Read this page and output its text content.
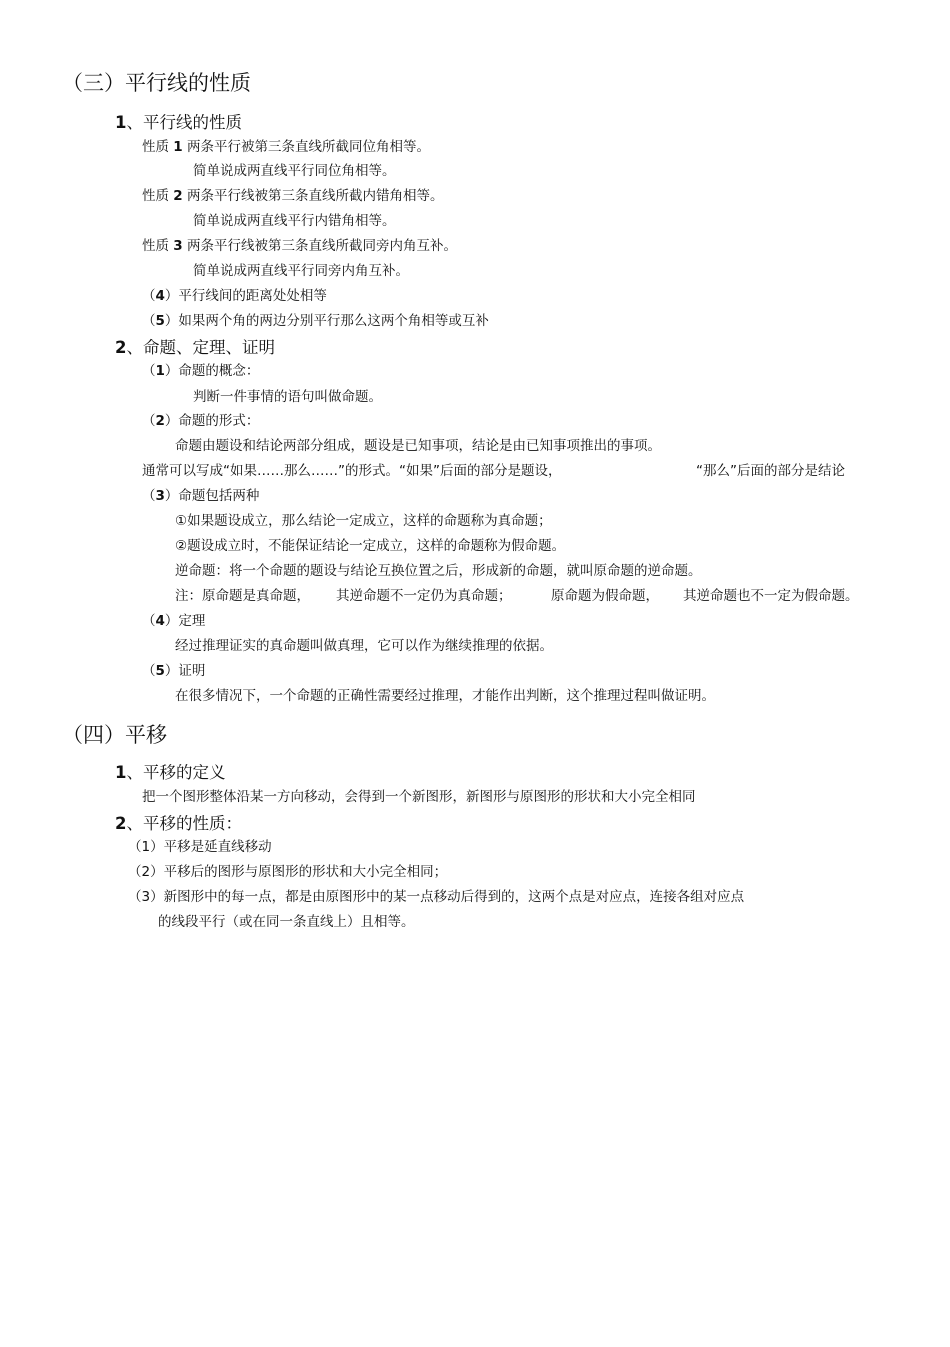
（三）平行线的性质
1、平行线的性质
性质 1 两条平行被第三条直线所截同位角相等。
简单说成两直线平行同位角相等。
性质 2 两条平行线被第三条直线所截内错角相等。
简单说成两直线平行内错角相等。
性质 3 两条平行线被第三条直线所截同旁内角互补。
简单说成两直线平行同旁内角互补。
（4）平行线间的距离处处相等
（5）如果两个角的两边分别平行那么这两个角相等或互补
2、命题、定理、证明
（1）命题的概念：
判断一件事情的语句叫做命题。
（2）命题的形式：
命题由题设和结论两部分组成，题设是已知事项，结论是由已知事项推出的事项。
通常可以写成“如果……那么……”的形式。“如果”后面的部分是题设，	“那么”后面的部分是结论
（3）命题包括两种
①如果题设成立，那么结论一定成立，这样的命题称为真命题；
②题设成立时，不能保证结论一定成立，这样的命题称为假命题。
逆命题：将一个命题的题设与结论互换位置之后，形成新的命题，就叫原命题的逆命题。
注：原命题是真命题， 其逆命题不一定仍为真命题；	原命题为假命题， 其逆命题也不一定为假命题。
（4）定理
经过推理证实的真命题叫做真理，它可以作为继续推理的依据。
（5）证明
在很多情况下，一个命题的正确性需要经过推理，才能作出判断，这个推理过程叫做证明。
（四）平移
1、平移的定义
把一个图形整体沿某一方向移动，会得到一个新图形，新图形与原图形的形状和大小完全相同
2、平移的性质：
（1）平移是延直线移动
（2）平移后的图形与原图形的形状和大小完全相同；
（3）新图形中的每一点，都是由原图形中的某一点移动后得到的，这两个点是对应点，连接各组对应点
的线段平行（或在同一条直线上）且相等。
